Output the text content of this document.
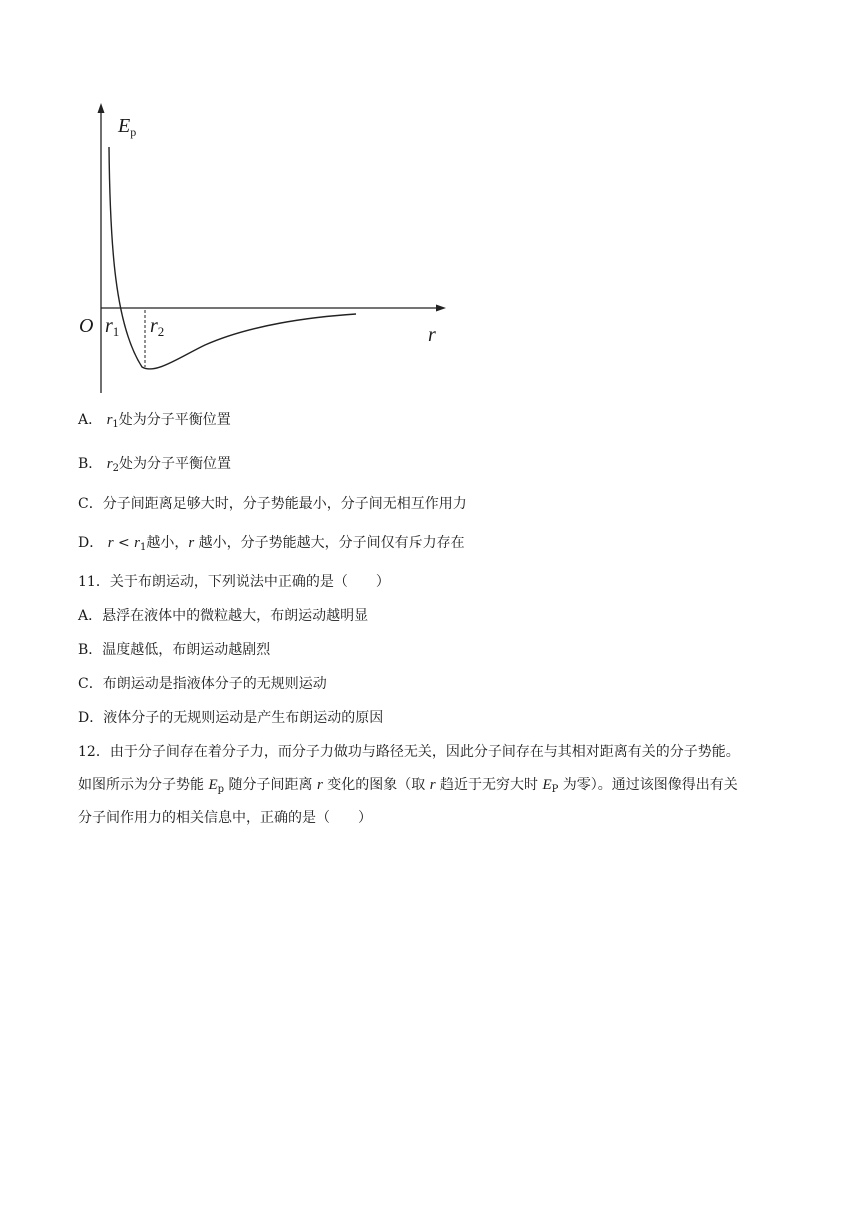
$E_p$
O $r_1$ $r_2$	r
A． $r_1$处为分子平衡位置
B． $r_2$处为分子平衡位置
C．分子间距离足够大时，分子势能最小，分子间无相互作用力
D． $r < r_1$越小，r 越小，分子势能越大，分子间仅有斥力存在
11．关于布朗运动，下列说法中正确的是（　　）
A．悬浮在液体中的微粒越大，布朗运动越明显
B．温度越低，布朗运动越剧烈
C．布朗运动是指液体分子的无规则运动
D．液体分子的无规则运动是产生布朗运动的原因
12．由于分子间存在着分子力，而分子力做功与路径无关，因此分子间存在与其相对距离有关的分子势能。
如图所示为分子势能 $E_p$ 随分子间距离 r 变化的图象（取 r 趋近于无穷大时 $E_P$ 为零）。通过该图像得出有关
分子间作用力的相关信息中，正确的是（　　）
